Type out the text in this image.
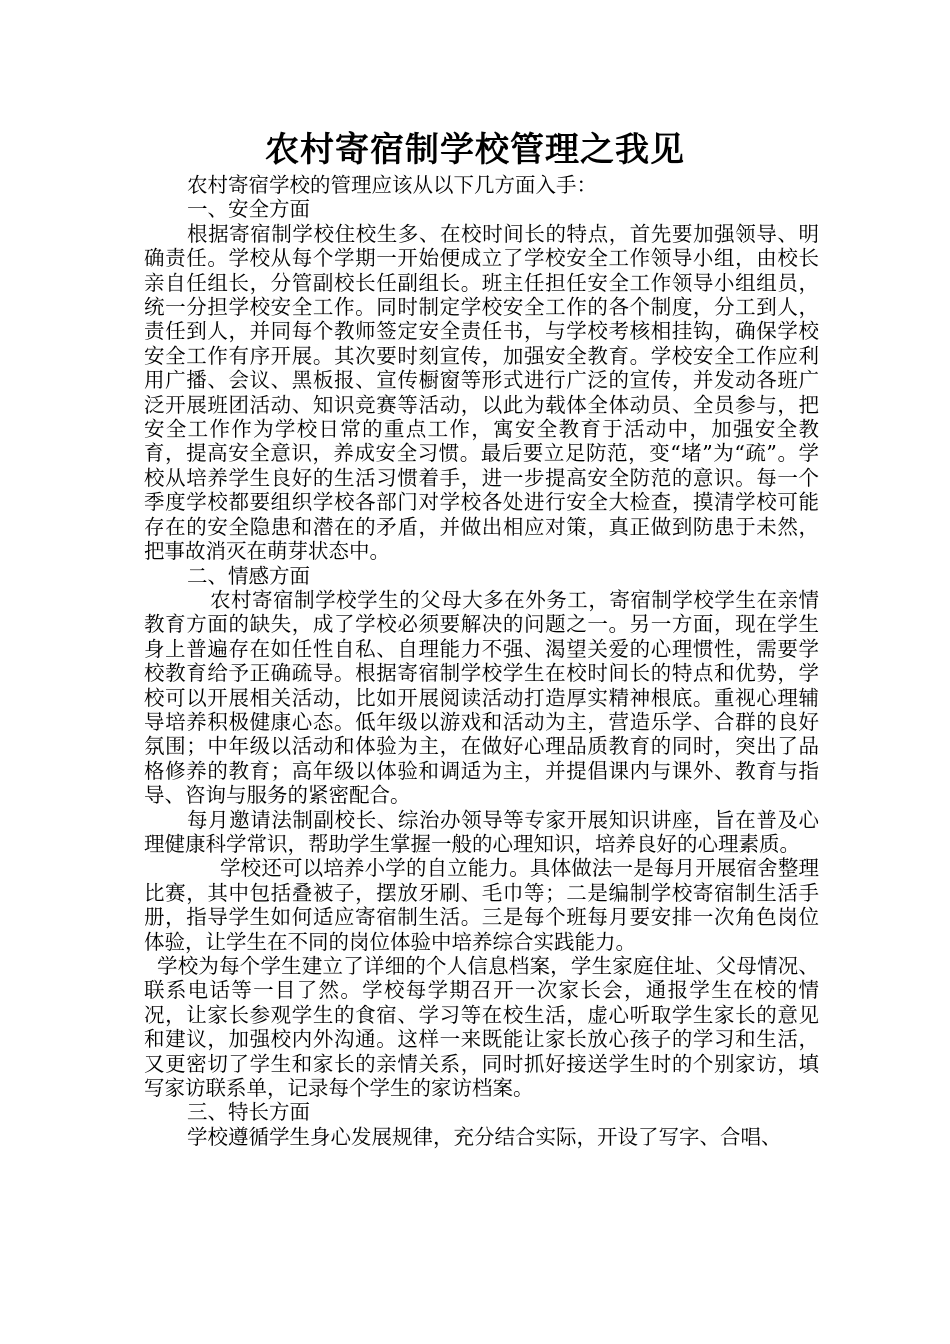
农村寄宿制学校管理之我见

农村寄宿学校的管理应该从以下几方面入手：

一、安全方面

根据寄宿制学校住校生多、在校时间长的特点，首先要加强领导、明确责任。学校从每个学期一开始便成立了学校安全工作领导小组，由校长亲自任组长，分管副校长任副组长。班主任担任安全工作领导小组组员，统一分担学校安全工作。同时制定学校安全工作的各个制度，分工到人，责任到人，并同每个教师签定安全责任书，与学校考核相挂钩，确保学校安全工作有序开展。其次要时刻宣传，加强安全教育。学校安全工作应利用广播、会议、黑板报、宣传橱窗等形式进行广泛的宣传，并发动各班广泛开展班团活动、知识竞赛等活动，以此为载体全体动员、全员参与，把安全工作作为学校日常的重点工作，寓安全教育于活动中，加强安全教育，提高安全意识，养成安全习惯。最后要立足防范，变“堵”为“疏”。学校从培养学生良好的生活习惯着手，进一步提高安全防范的意识。每一个季度学校都要组织学校各部门对学校各处进行安全大检查，摸清学校可能存在的安全隐患和潜在的矛盾，并做出相应对策，真正做到防患于未然，把事故消灭在萌芽状态中。

二、情感方面

农村寄宿制学校学生的父母大多在外务工，寄宿制学校学生在亲情教育方面的缺失，成了学校必须要解决的问题之一。另一方面，现在学生身上普遍存在如任性自私、自理能力不强、渴望关爱的心理惯性，需要学校教育给予正确疏导。根据寄宿制学校学生在校时间长的特点和优势，学校可以开展相关活动，比如开展阅读活动打造厚实精神根底。重视心理辅导培养积极健康心态。低年级以游戏和活动为主，营造乐学、合群的良好氛围；中年级以活动和体验为主，在做好心理品质教育的同时，突出了品格修养的教育；高年级以体验和调适为主，并提倡课内与课外、教育与指导、咨询与服务的紧密配合。

每月邀请法制副校长、综治办领导等专家开展知识讲座，旨在普及心理健康科学常识，帮助学生掌握一般的心理知识，培养良好的心理素质。

学校还可以培养小学的自立能力。具体做法一是每月开展宿舍整理比赛，其中包括叠被子，摆放牙刷、毛巾等；二是编制学校寄宿制生活手册，指导学生如何适应寄宿制生活。三是每个班每月要安排一次角色岗位体验，让学生在不同的岗位体验中培养综合实践能力。

学校为每个学生建立了详细的个人信息档案，学生家庭住址、父母情况、联系电话等一目了然。学校每学期召开一次家长会，通报学生在校的情况，让家长参观学生的食宿、学习等在校生活，虚心听取学生家长的意见和建议，加强校内外沟通。这样一来既能让家长放心孩子的学习和生活，又更密切了学生和家长的亲情关系，同时抓好接送学生时的个别家访，填写家访联系单，记录每个学生的家访档案。

三、特长方面

学校遵循学生身心发展规律，充分结合实际，开设了写字、合唱、
